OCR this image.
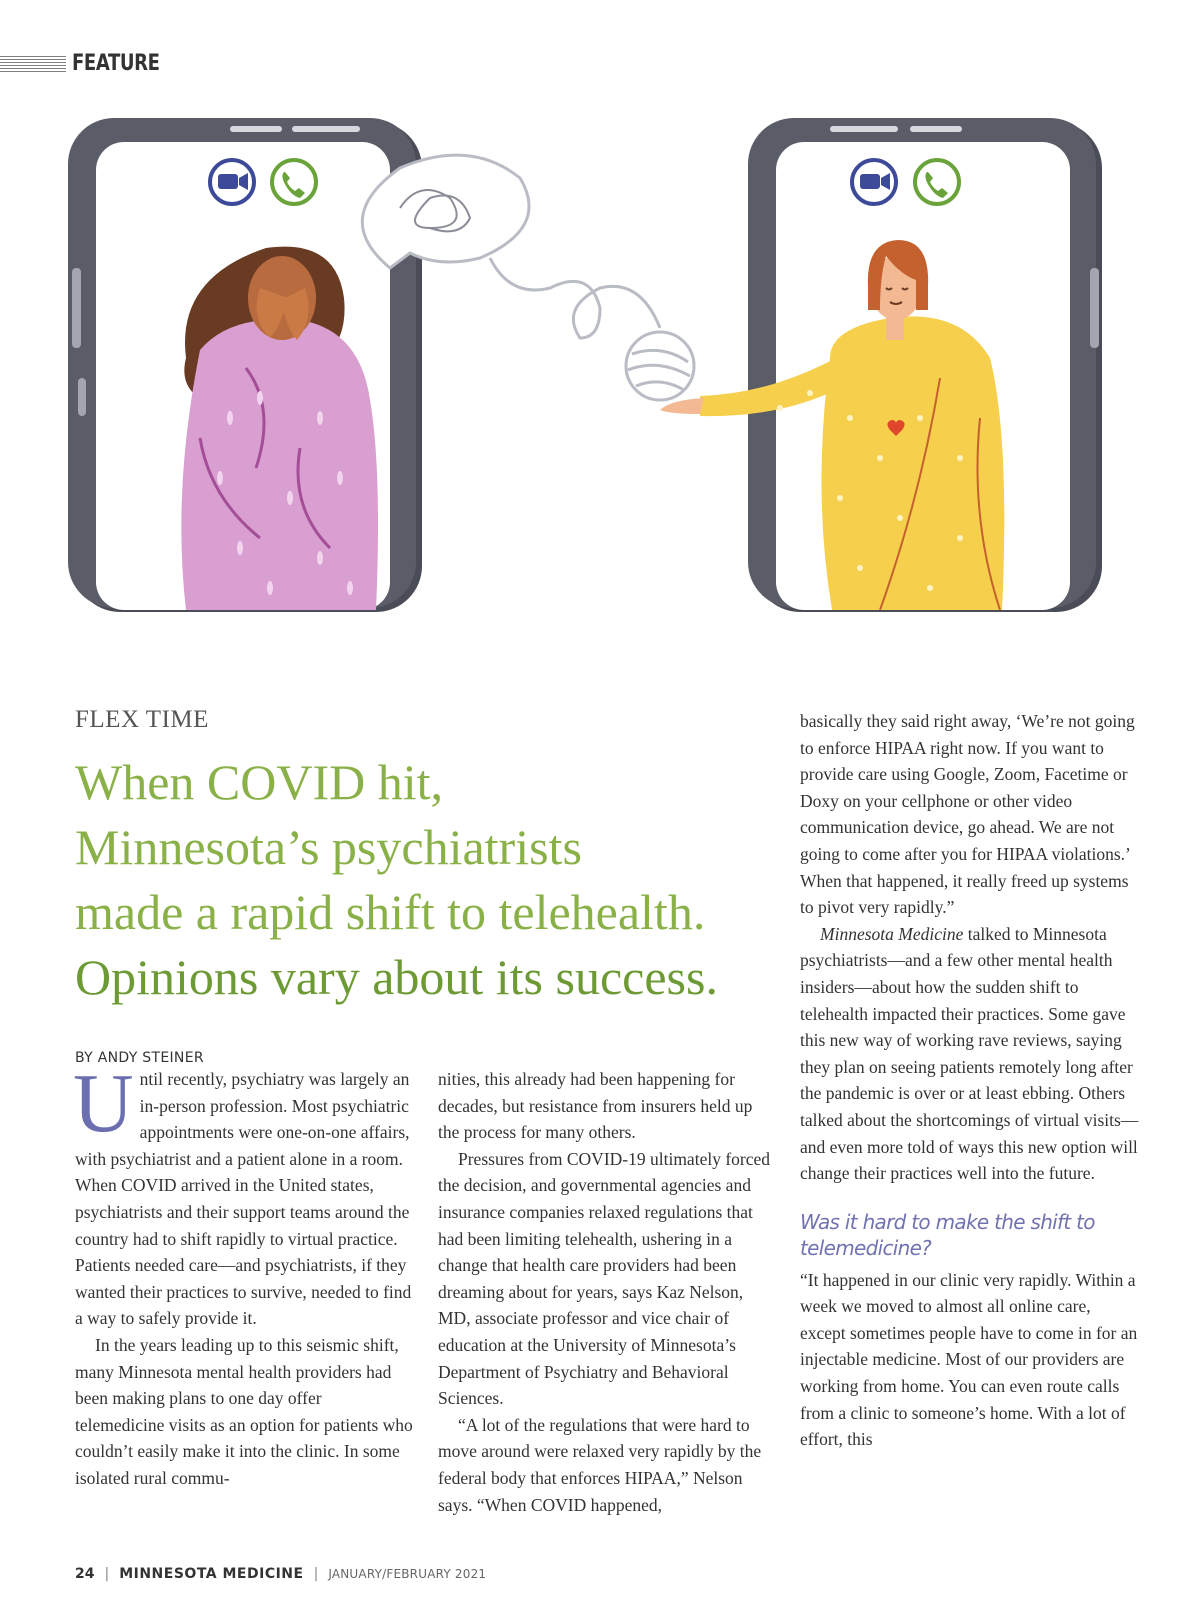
FEATURE
FLEX TIME
When COVID hit,
Minnesota’s psychiatrists
made a rapid shift to telehealth.
Opinions vary about its success.
BY ANDY STEINER

Until recently, psychiatry was largely an in-person profession. Most psychiatric appointments were one-on-one affairs, with psychiatrist and a patient alone in a room. When COVID arrived in the United states, psychiatrists and their support teams around the country had to shift rapidly to virtual practice. Patients needed care—and psychiatrists, if they wanted their practices to survive, needed to find a way to safely provide it.

In the years leading up to this seismic shift, many Minnesota mental health providers had been making plans to one day offer telemedicine visits as an option for patients who couldn’t easily make it into the clinic. In some isolated rural commu-

nities, this already had been happening for decades, but resistance from insurers held up the process for many others.

Pressures from COVID-19 ultimately forced the decision, and governmental agencies and insurance companies relaxed regulations that had been limiting telehealth, ushering in a change that health care providers had been dreaming about for years, says Kaz Nelson, MD, associate professor and vice chair of education at the University of Minnesota’s Department of Psychiatry and Behavioral Sciences.

“A lot of the regulations that were hard to move around were relaxed very rapidly by the federal body that enforces HIPAA,” Nelson says. “When COVID happened,

basically they said right away, ‘We’re not going to enforce HIPAA right now. If you want to provide care using Google, Zoom, Facetime or Doxy on your cellphone or other video communication device, go ahead. We are not going to come after you for HIPAA violations.’ When that happened, it really freed up systems to pivot very rapidly.”

Minnesota Medicine talked to Minnesota psychiatrists—and a few other mental health insiders—about how the sudden shift to telehealth impacted their practices. Some gave this new way of working rave reviews, saying they plan on seeing patients remotely long after the pandemic is over or at least ebbing. Others talked about the shortcomings of virtual visits—and even more told of ways this new option will change their practices well into the future.

Was it hard to make the shift to telemedicine?

“It happened in our clinic very rapidly. Within a week we moved to almost all online care, except sometimes people have to come in for an injectable medicine. Most of our providers are working from home. You can even route calls from a clinic to someone’s home. With a lot of effort, this

24 | MINNESOTA MEDICINE | JANUARY/FEBRUARY 2021
